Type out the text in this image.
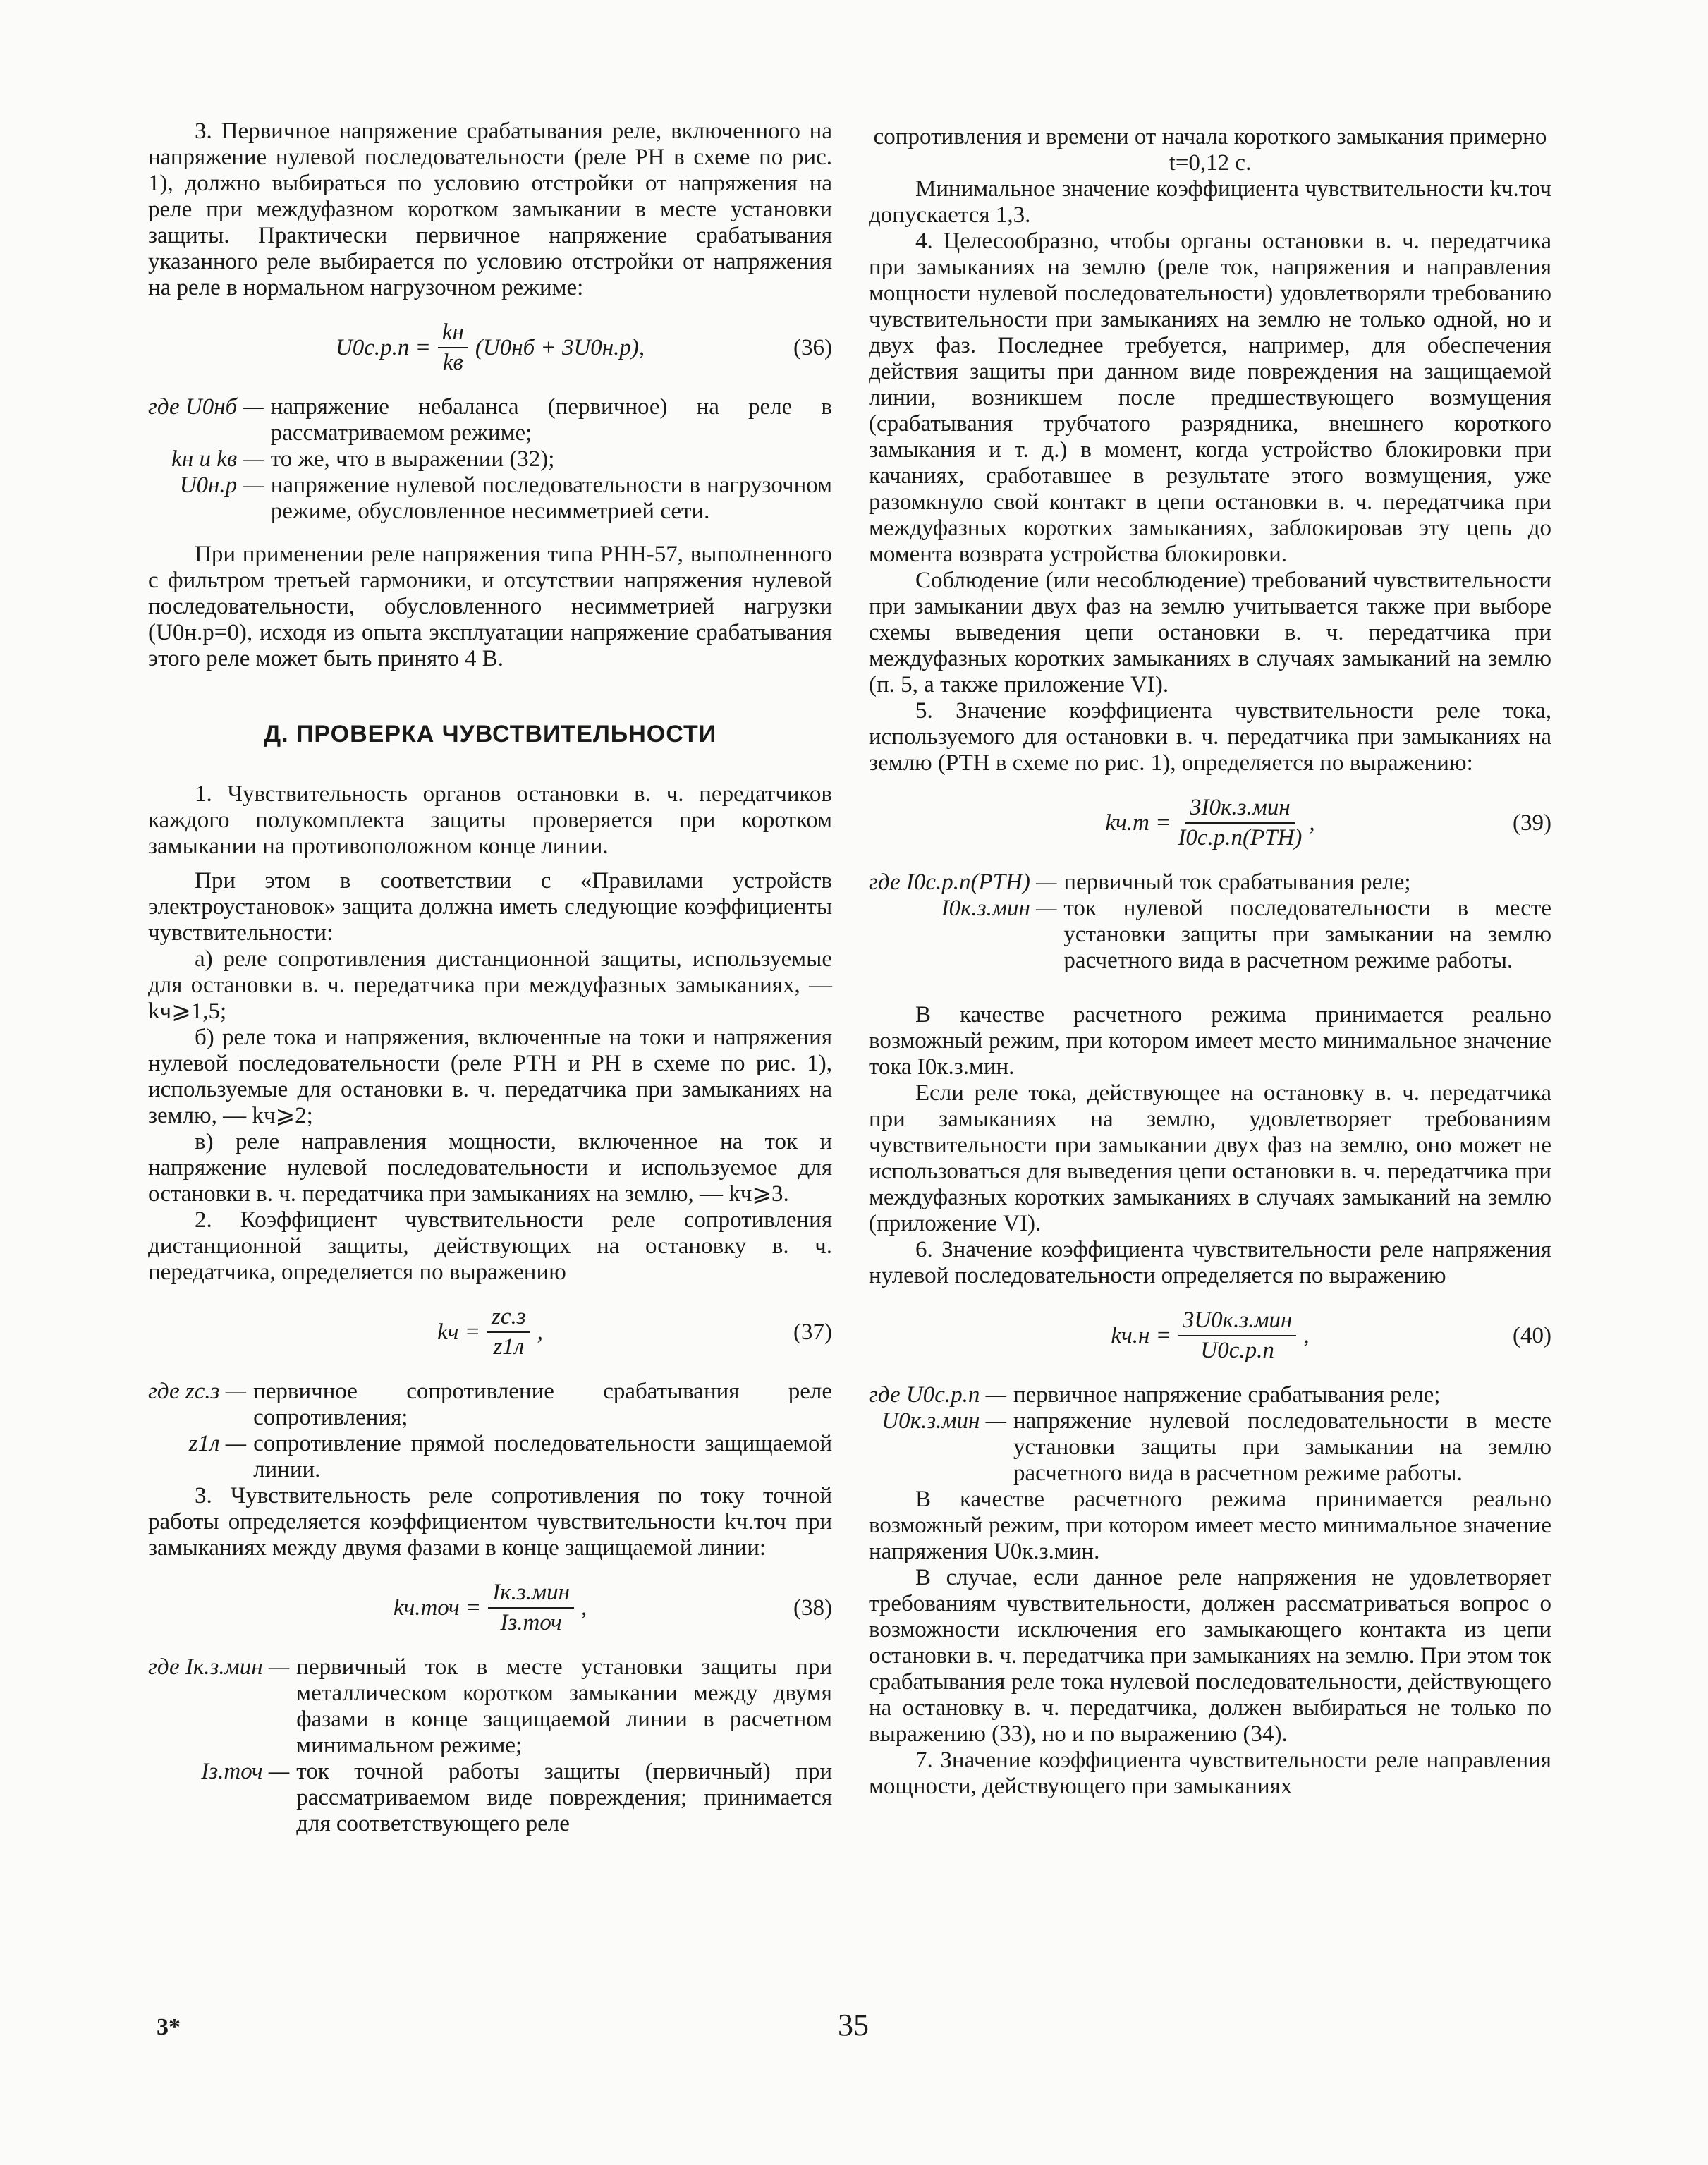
3. Первичное напряжение срабатывания реле, включенного на напряжение нулевой последовательности (реле РН в схеме по рис. 1), должно выбираться по условию отстройки от напряжения на реле при междуфазном коротком замыкании в месте установки защиты. Практически первичное напряжение срабатывания указанного реле выбирается по условию отстройки от напряжения на реле в нормальном нагрузочном режиме:

$U0с.р.п = \frac{kн}{kв} (U0нб + 3U0н.р)$,	(36)
где U0нб — напряжение небаланса (первичное) на реле в рассматриваемом режиме;
kн и kв — то же, что в выражении (32);
U0н.р — напряжение нулевой последовательности в нагрузочном режиме, обусловленное несимметрией сети.

При применении реле напряжения типа РНН-57, выполненного с фильтром третьей гармоники, и отсутствии напряжения нулевой последовательности, обусловленного несимметрией нагрузки (U0н.р=0), исходя из опыта эксплуатации напряжение срабатывания этого реле может быть принято 4 В.

Д. ПРОВЕРКА ЧУВСТВИТЕЛЬНОСТИ

1. Чувствительность органов остановки в. ч. передатчиков каждого полукомплекта защиты проверяется при коротком замыкании на противоположном конце линии.

При этом в соответствии с «Правилами устройств электроустановок» защита должна иметь следующие коэффициенты чувствительности:

а) реле сопротивления дистанционной защиты, используемые для остановки в. ч. передатчика при междуфазных замыканиях, — kч⩾1,5;

б) реле тока и напряжения, включенные на токи и напряжения нулевой последовательности (реле РТН и РН в схеме по рис. 1), используемые для остановки в. ч. передатчика при замыканиях на землю, — kч⩾2;

в) реле направления мощности, включенное на ток и напряжение нулевой последовательности и используемое для остановки в. ч. передатчика при замыканиях на землю, — kч⩾3.

2. Коэффициент чувствительности реле сопротивления дистанционной защиты, действующих на остановку в. ч. передатчика, определяется по выражению

kч = $\frac{zс.з}{z1л}$ ,	(37)
где zс.з — первичное сопротивление срабатывания реле сопротивления;
z1л — сопротивление прямой последовательности защищаемой линии.

3. Чувствительность реле сопротивления по току точной работы определяется коэффициентом чувствительности kч.точ при замыканиях между двумя фазами в конце защищаемой линии:

$kч.точ = \frac{\text{Iк.з.мин}}{\text{Iз.точ}}$ ,	(38)
где Iк.з.мин — первичный ток в месте установки защиты при металлическом коротком замыкании между двумя фазами в конце защищаемой линии в расчетном минимальном режиме;
Iз.точ — ток точной работы защиты (первичный) при рассматриваемом виде повреждения; принимается для соответствующего реле

сопротивления и времени от начала короткого замыкания примерно t=0,12 с.

Минимальное значение коэффициента чувствительности kч.точ допускается 1,3.

4. Целесообразно, чтобы органы остановки в. ч. передатчика при замыканиях на землю (реле ток, напряжения и направления мощности нулевой последовательности) удовлетворяли требованию чувствительности при замыканиях на землю не только одной, но и двух фаз. Последнее требуется, например, для обеспечения действия защиты при данном виде повреждения на защищаемой линии, возникшем после предшествующего возмущения (срабатывания трубчатого разрядника, внешнего короткого замыкания и т. д.) в момент, когда устройство блокировки при качаниях, сработавшее в результате этого возмущения, уже разомкнуло свой контакт в цепи остановки в. ч. передатчика при междуфазных коротких замыканиях, заблокировав эту цепь до момента возврата устройства блокировки.

Соблюдение (или несоблюдение) требований чувствительности при замыкании двух фаз на землю учитывается также при выборе схемы выведения цепи остановки в. ч. передатчика при междуфазных коротких замыканиях в случаях замыканий на землю (п. 5, а также приложение VI).

5. Значение коэффициента чувствительности реле тока, используемого для остановки в. ч. передатчика при замыканиях на землю (РТН в схеме по рис. 1), определяется по выражению:

$kч.т = \frac{\text{3I0к.з.мин}}{\text{I0с.р.п(РТН)}}$ ,	(39)
где I0с.р.п(РТН) — первичный ток срабатывания реле;
I0к.з.мин — ток нулевой последовательности в месте установки защиты при замыкании на землю расчетного вида в расчетном режиме работы.

В качестве расчетного режима принимается реально возможный режим, при котором имеет место минимальное значение тока I0к.з.мин.

Если реле тока, действующее на остановку в. ч. передатчика при замыканиях на землю, удовлетворяет требованиям чувствительности при замыкании двух фаз на землю, оно может не использоваться для выведения цепи остановки в. ч. передатчика при междуфазных коротких замыканиях в случаях замыканий на землю (приложение VI).

6. Значение коэффициента чувствительности реле напряжения нулевой последовательности определяется по выражению

$kч.н = \frac{\text{3U0к.з.мин}}{U0с.р.п}$ ,	(40)
где U0с.р.п — первичное напряжение срабатывания реле;
U0к.з.мин — напряжение нулевой последовательности в месте установки защиты при замыкании на землю расчетного вида в расчетном режиме работы.

В качестве расчетного режима принимается реально возможный режим, при котором имеет место минимальное значение напряжения U0к.з.мин.

В случае, если данное реле напряжения не удовлетворяет требованиям чувствительности, должен рассматриваться вопрос о возможности исключения его замыкающего контакта из цепи остановки в. ч. передатчика при замыканиях на землю. При этом ток срабатывания реле тока нулевой последовательности, действующего на остановку в. ч. передатчика, должен выбираться не только по выражению (33), но и по выражению (34).

7. Значение коэффициента чувствительности реле направления мощности, действующего при замыканиях

3*	35
